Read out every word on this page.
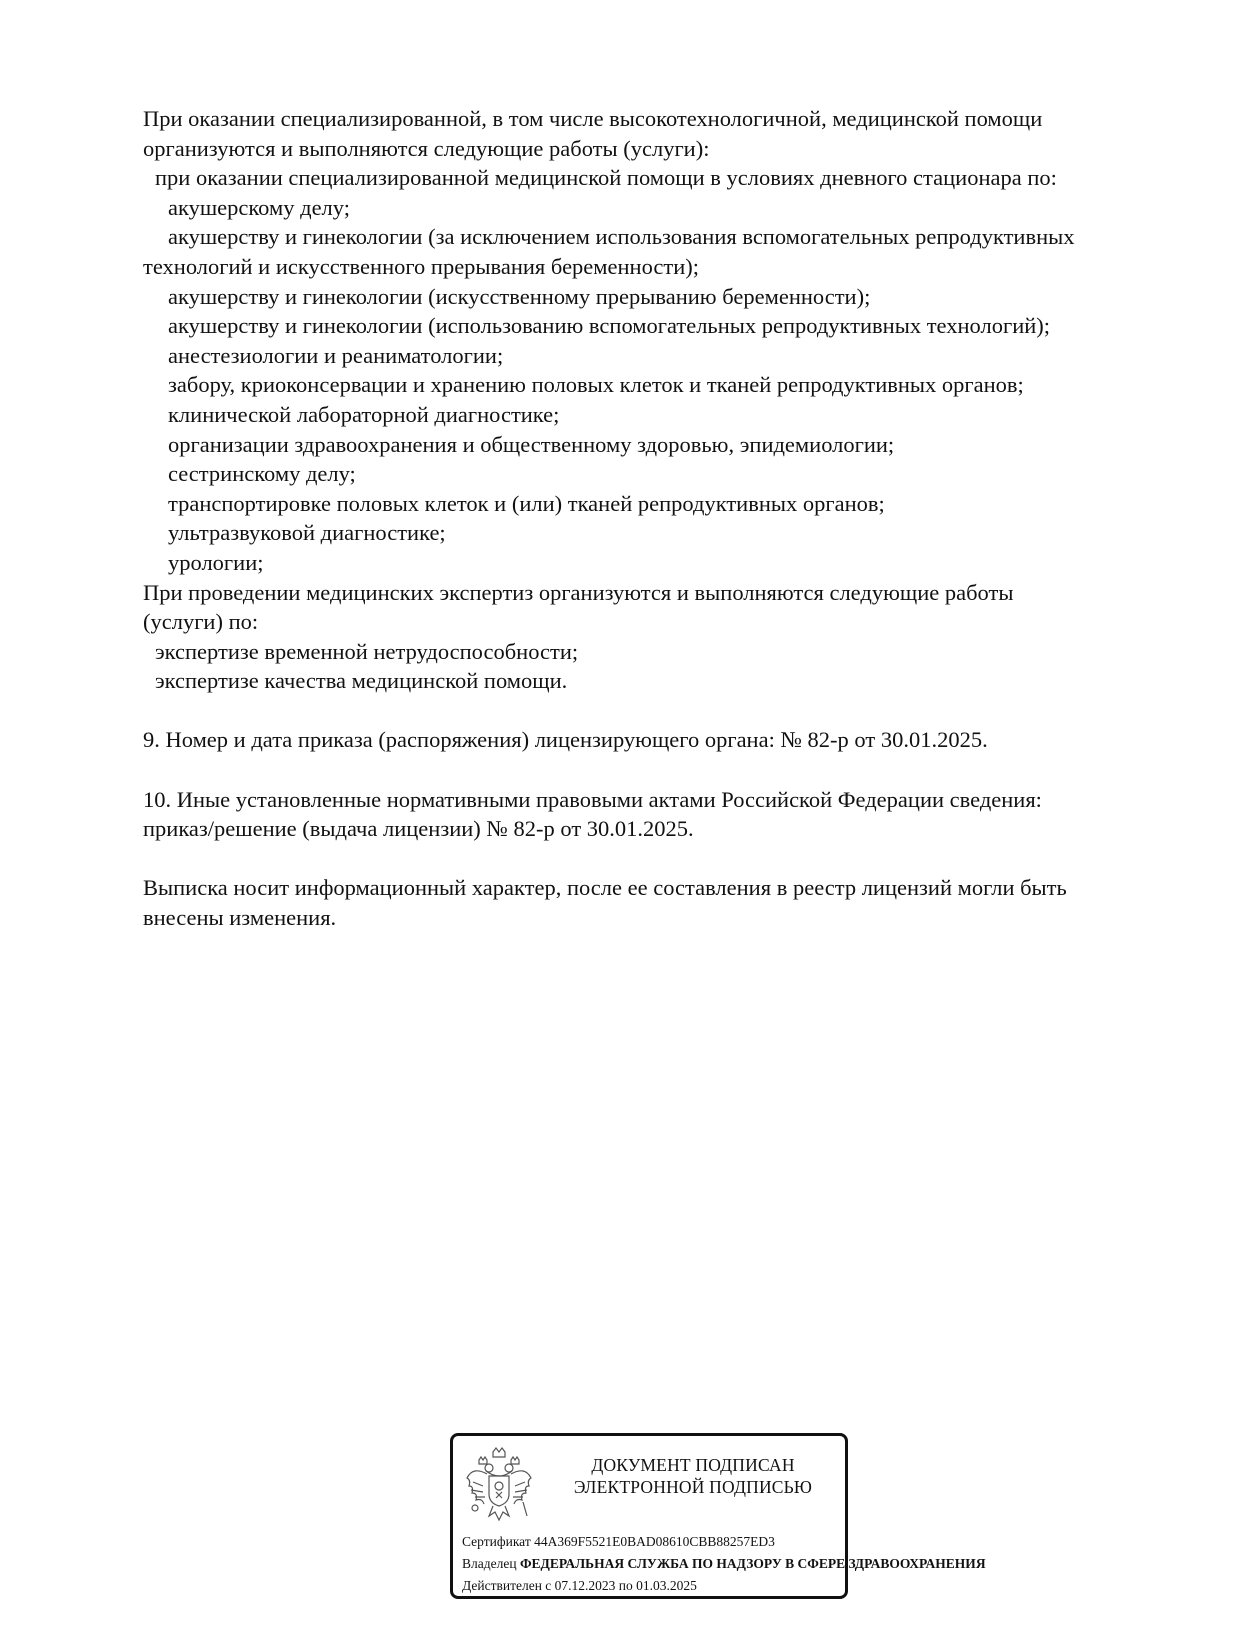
При оказании специализированной, в том числе высокотехнологичной, медицинской помощи
организуются и выполняются следующие работы (услуги):
при оказании специализированной медицинской помощи в условиях дневного стационара по:
акушерскому делу;
акушерству и гинекологии (за исключением использования вспомогательных репродуктивных
технологий и искусственного прерывания беременности);
акушерству и гинекологии (искусственному прерыванию беременности);
акушерству и гинекологии (использованию вспомогательных репродуктивных технологий);
анестезиологии и реаниматологии;
забору, криоконсервации и хранению половых клеток и тканей репродуктивных органов;
клинической лабораторной диагностике;
организации здравоохранения и общественному здоровью, эпидемиологии;
сестринскому делу;
транспортировке половых клеток и (или) тканей репродуктивных органов;
ультразвуковой диагностике;
урологии;
При проведении медицинских экспертиз организуются и выполняются следующие работы
(услуги) по:
экспертизе временной нетрудоспособности;
экспертизе качества медицинской помощи.
9. Номер и дата приказа (распоряжения) лицензирующего органа: № 82-р от 30.01.2025.
10. Иные установленные нормативными правовыми актами Российской Федерации сведения:
приказ/решение (выдача лицензии) № 82-р от 30.01.2025.
Выписка носит информационный характер, после ее составления в реестр лицензий могли быть
внесены изменения.
ДОКУМЕНТ ПОДПИСАН
ЭЛЕКТРОННОЙ ПОДПИСЬЮ
Сертификат 44A369F5521E0BAD08610CBB88257ED3
Владелец ФЕДЕРАЛЬНАЯ СЛУЖБА ПО НАДЗОРУ В СФЕРЕ ЗДРАВООХРАНЕНИЯ
Действителен с 07.12.2023 по 01.03.2025
